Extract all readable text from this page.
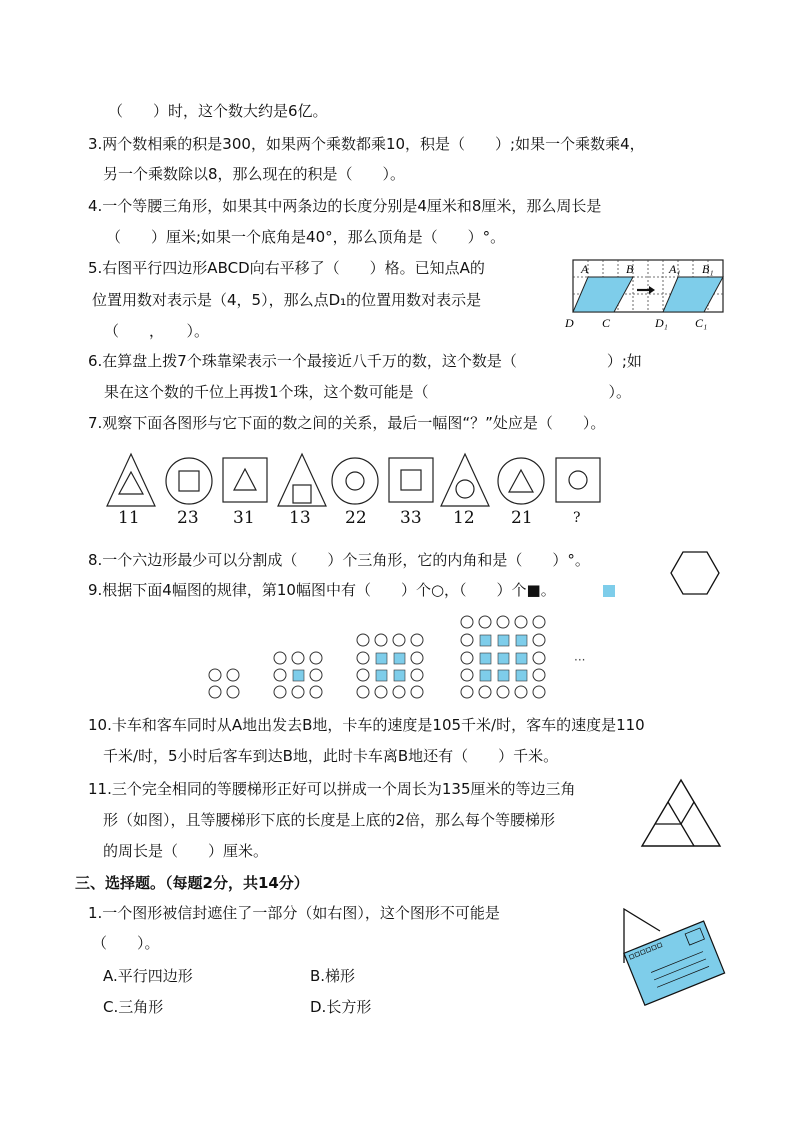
（　　）时，这个数大约是6亿。
3.两个数相乘的积是300，如果两个乘数都乘10，积是（　　）;如果一个乘数乘4，
另一个乘数除以8，那么现在的积是（　　）。
4.一个等腰三角形，如果其中两条边的长度分别是4厘米和8厘米，那么周长是
（　　）厘米;如果一个底角是40°，那么顶角是（　　）°。
5.右图平行四边形ABCD向右平移了（　　）格。已知点A的
位置用数对表示是（4，5），那么点D₁的位置用数对表示是
（　　，　　）。
6.在算盘上拨7个珠靠梁表示一个最接近八千万的数，这个数是（　　　　　　）;如
果在这个数的千位上再拨1个珠，这个数可能是（　　　　　　　　　　　　）。
7.观察下面各图形与它下面的数之间的关系，最后一幅图“？”处应是（　　）。
8.一个六边形最少可以分割成（　　）个三角形，它的内角和是（　　）°。
9.根据下面4幅图的规律，第10幅图中有（　　）个○，（　　）个■。
10.卡车和客车同时从A地出发去B地，卡车的速度是105千米/时，客车的速度是110
千米/时，5小时后客车到达B地，此时卡车离B地还有（　　）千米。
11.三个完全相同的等腰梯形正好可以拼成一个周长为135厘米的等边三角
形（如图），且等腰梯形下底的长度是上底的2倍，那么每个等腰梯形
的周长是（　　）厘米。
三、选择题。（每题2分，共14分）
1.一个图形被信封遮住了一部分（如右图），这个图形不可能是
（　　）。
A.平行四边形	B.梯形
C.三角形	D.长方形
A	B	A₁ B₁
D C	D₁ C₁
11 23 31 13 22 33 12 21	?
···
